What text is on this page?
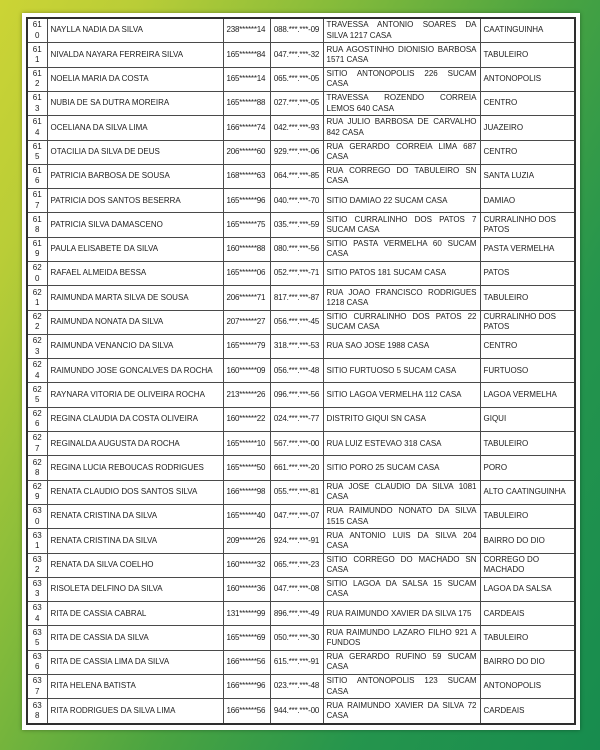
610	NAYLLA NADIA DA SILVA	238******14	088.***.***-09	TRAVESSA ANTONIO SOARES DA SILVA 1217 CASA	CAATINGUINHA
611	NIVALDA NAYARA FERREIRA SILVA	165******84	047.***.***-32	RUA AGOSTINHO DIONISIO BARBOSA 1571 CASA	TABULEIRO
612	NOELIA MARIA DA COSTA	165******14	065.***.***-05	SITIO ANTONOPOLIS 226 SUCAM CASA	ANTONOPOLIS
613	NUBIA DE SA DUTRA MOREIRA	165******88	027.***.***-05	TRAVESSA ROZENDO CORREIA LEMOS 640 CASA	CENTRO
614	OCELIANA DA SILVA LIMA	166******74	042.***.***-93	RUA JULIO BARBOSA DE CARVALHO 842 CASA	JUAZEIRO
615	OTACILIA DA SILVA DE DEUS	206******60	929.***.***-06	RUA GERARDO CORREIA LIMA 687 CASA	CENTRO
616	PATRICIA BARBOSA DE SOUSA	168******63	064.***.***-85	RUA CORREGO DO TABULEIRO SN CASA	SANTA LUZIA
617	PATRICIA DOS SANTOS BESERRA	165******96	040.***.***-70	SITIO DAMIAO 22 SUCAM CASA	DAMIAO
618	PATRICIA SILVA DAMASCENO	165******75	035.***.***-59	SITIO CURRALINHO DOS PATOS 7 SUCAM CASA	CURRALINHO DOS PATOS
619	PAULA ELISABETE DA SILVA	160******88	080.***.***-56	SITIO PASTA VERMELHA 60 SUCAM CASA	PASTA VERMELHA
620	RAFAEL ALMEIDA BESSA	165******06	052.***.***-71	SITIO PATOS 181 SUCAM CASA	PATOS
621	RAIMUNDA MARTA SILVA DE SOUSA	206******71	817.***.***-87	RUA JOAO FRANCISCO RODRIGUES 1218 CASA	TABULEIRO
622	RAIMUNDA NONATA DA SILVA	207******27	056.***.***-45	SITIO CURRALINHO DOS PATOS 22 SUCAM CASA	CURRALINHO DOS PATOS
623	RAIMUNDA VENANCIO DA SILVA	165******79	318.***.***-53	RUA SAO JOSE 1988 CASA	CENTRO
624	RAIMUNDO JOSE GONCALVES DA ROCHA	160******09	056.***.***-48	SITIO FURTUOSO 5 SUCAM CASA	FURTUOSO
625	RAYNARA VITORIA DE OLIVEIRA ROCHA	213******26	096.***.***-56	SITIO LAGOA VERMELHA 112 CASA	LAGOA VERMELHA
626	REGINA CLAUDIA DA COSTA OLIVEIRA	160******22	024.***.***-77	DISTRITO GIQUI SN CASA	GIQUI
627	REGINALDA AUGUSTA DA ROCHA	165******10	567.***.***-00	RUA LUIZ ESTEVAO 318 CASA	TABULEIRO
628	REGINA LUCIA REBOUCAS RODRIGUES	165******50	661.***.***-20	SITIO PORO 25 SUCAM CASA	PORO
629	RENATA CLAUDIO DOS SANTOS SILVA	166******98	055.***.***-81	RUA JOSE CLAUDIO DA SILVA 1081 CASA	ALTO CAATINGUINHA
630	RENATA CRISTINA DA SILVA	165******40	047.***.***-07	RUA RAIMUNDO NONATO DA SILVA 1515 CASA	TABULEIRO
631	RENATA CRISTINA DA SILVA	209******26	924.***.***-91	RUA ANTONIO LUIS DA SILVA 204 CASA	BAIRRO DO DIO
632	RENATA DA SILVA COELHO	160******32	065.***.***-23	SITIO CORREGO DO MACHADO SN CASA	CORREGO DO MACHADO
633	RISOLETA DELFINO DA SILVA	160******36	047.***.***-08	SITIO LAGOA DA SALSA 15 SUCAM CASA	LAGOA DA SALSA
634	RITA DE CASSIA CABRAL	131******99	896.***.***-49	RUA RAIMUNDO XAVIER DA SILVA 175	CARDEAIS
635	RITA DE CASSIA DA SILVA	165******69	050.***.***-30	RUA RAIMUNDO LAZARO FILHO 921 A FUNDOS	TABULEIRO
636	RITA DE CASSIA LIMA DA SILVA	166******56	615.***.***-91	RUA GERARDO RUFINO 59 SUCAM CASA	BAIRRO DO DIO
637	RITA HELENA BATISTA	166******96	023.***.***-48	SITIO ANTONOPOLIS 123 SUCAM CASA	ANTONOPOLIS
638	RITA RODRIGUES DA SILVA LIMA	166******56	944.***.***-00	RUA RAIMUNDO XAVIER DA SILVA 72 CASA	CARDEAIS
